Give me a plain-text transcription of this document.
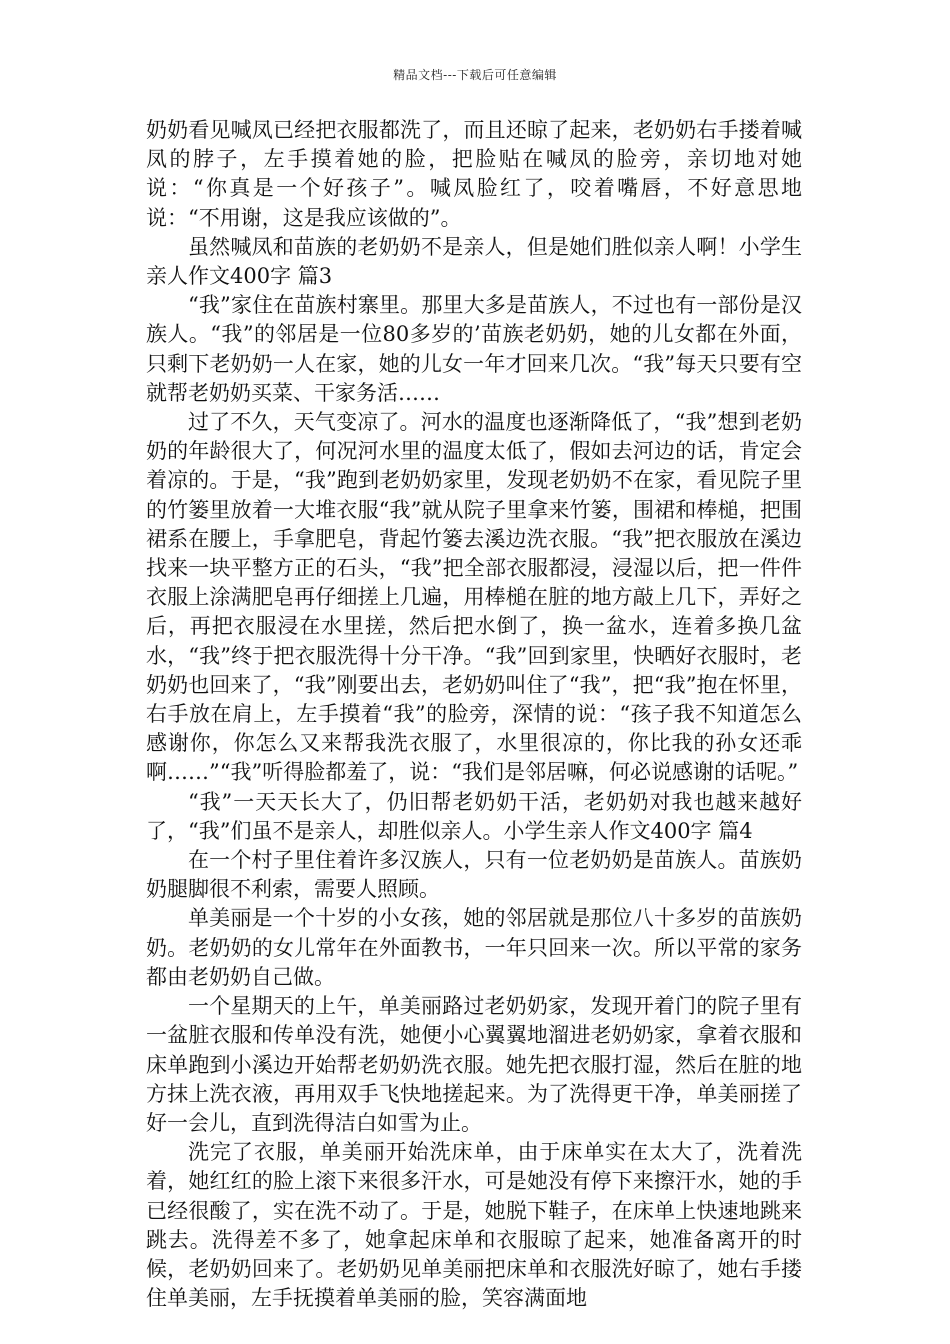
精品文档---下载后可任意编辑

奶奶看见喊凤已经把衣服都洗了，而且还晾了起来，老奶奶右手搂着喊凤的脖子，左手摸着她的脸，把脸贴在喊凤的脸旁，亲切地对她说：“你真是一个好孩子”。喊凤脸红了，咬着嘴唇，不好意思地说：“不用谢，这是我应该做的”。

虽然喊凤和苗族的老奶奶不是亲人，但是她们胜似亲人啊！小学生亲人作文400字 篇3

“我”家住在苗族村寨里。那里大多是苗族人，不过也有一部份是汉族人。“我”的邻居是一位80多岁的’苗族老奶奶，她的儿女都在外面，只剩下老奶奶一人在家，她的儿女一年才回来几次。“我”每天只要有空就帮老奶奶买菜、干家务活……

过了不久，天气变凉了。河水的温度也逐渐降低了，“我”想到老奶奶的年龄很大了，何况河水里的温度太低了，假如去河边的话，肯定会着凉的。于是，“我”跑到老奶奶家里，发现老奶奶不在家，看见院子里的竹篓里放着一大堆衣服“我”就从院子里拿来竹篓，围裙和棒槌，把围裙系在腰上，手拿肥皂，背起竹篓去溪边洗衣服。“我”把衣服放在溪边找来一块平整方正的石头，“我”把全部衣服都浸，浸湿以后，把一件件衣服上涂满肥皂再仔细搓上几遍，用棒槌在脏的地方敲上几下，弄好之后，再把衣服浸在水里搓，然后把水倒了，换一盆水，连着多换几盆水，“我”终于把衣服洗得十分干净。“我”回到家里，快晒好衣服时，老奶奶也回来了，“我”刚要出去，老奶奶叫住了“我”，把“我”抱在怀里，右手放在肩上，左手摸着“我”的脸旁，深情的说：“孩子我不知道怎么感谢你，你怎么又来帮我洗衣服了，水里很凉的，你比我的孙女还乖啊……”“我”听得脸都羞了，说：“我们是邻居嘛，何必说感谢的话呢。”

“我”一天天长大了，仍旧帮老奶奶干活，老奶奶对我也越来越好了，“我”们虽不是亲人，却胜似亲人。小学生亲人作文400字 篇4

在一个村子里住着许多汉族人，只有一位老奶奶是苗族人。苗族奶奶腿脚很不利索，需要人照顾。

单美丽是一个十岁的小女孩，她的邻居就是那位八十多岁的苗族奶奶。老奶奶的女儿常年在外面教书，一年只回来一次。所以平常的家务都由老奶奶自己做。

一个星期天的上午，单美丽路过老奶奶家，发现开着门的院子里有一盆脏衣服和传单没有洗，她便小心翼翼地溜进老奶奶家，拿着衣服和床单跑到小溪边开始帮老奶奶洗衣服。她先把衣服打湿，然后在脏的地方抹上洗衣液，再用双手飞快地搓起来。为了洗得更干净，单美丽搓了好一会儿，直到洗得洁白如雪为止。

洗完了衣服，单美丽开始洗床单，由于床单实在太大了，洗着洗着，她红红的脸上滚下来很多汗水，可是她没有停下来擦汗水，她的手已经很酸了，实在洗不动了。于是，她脱下鞋子，在床单上快速地跳来跳去。洗得差不多了，她拿起床单和衣服晾了起来，她准备离开的时候，老奶奶回来了。老奶奶见单美丽把床单和衣服洗好晾了，她右手搂住单美丽，左手抚摸着单美丽的脸，笑容满面地
